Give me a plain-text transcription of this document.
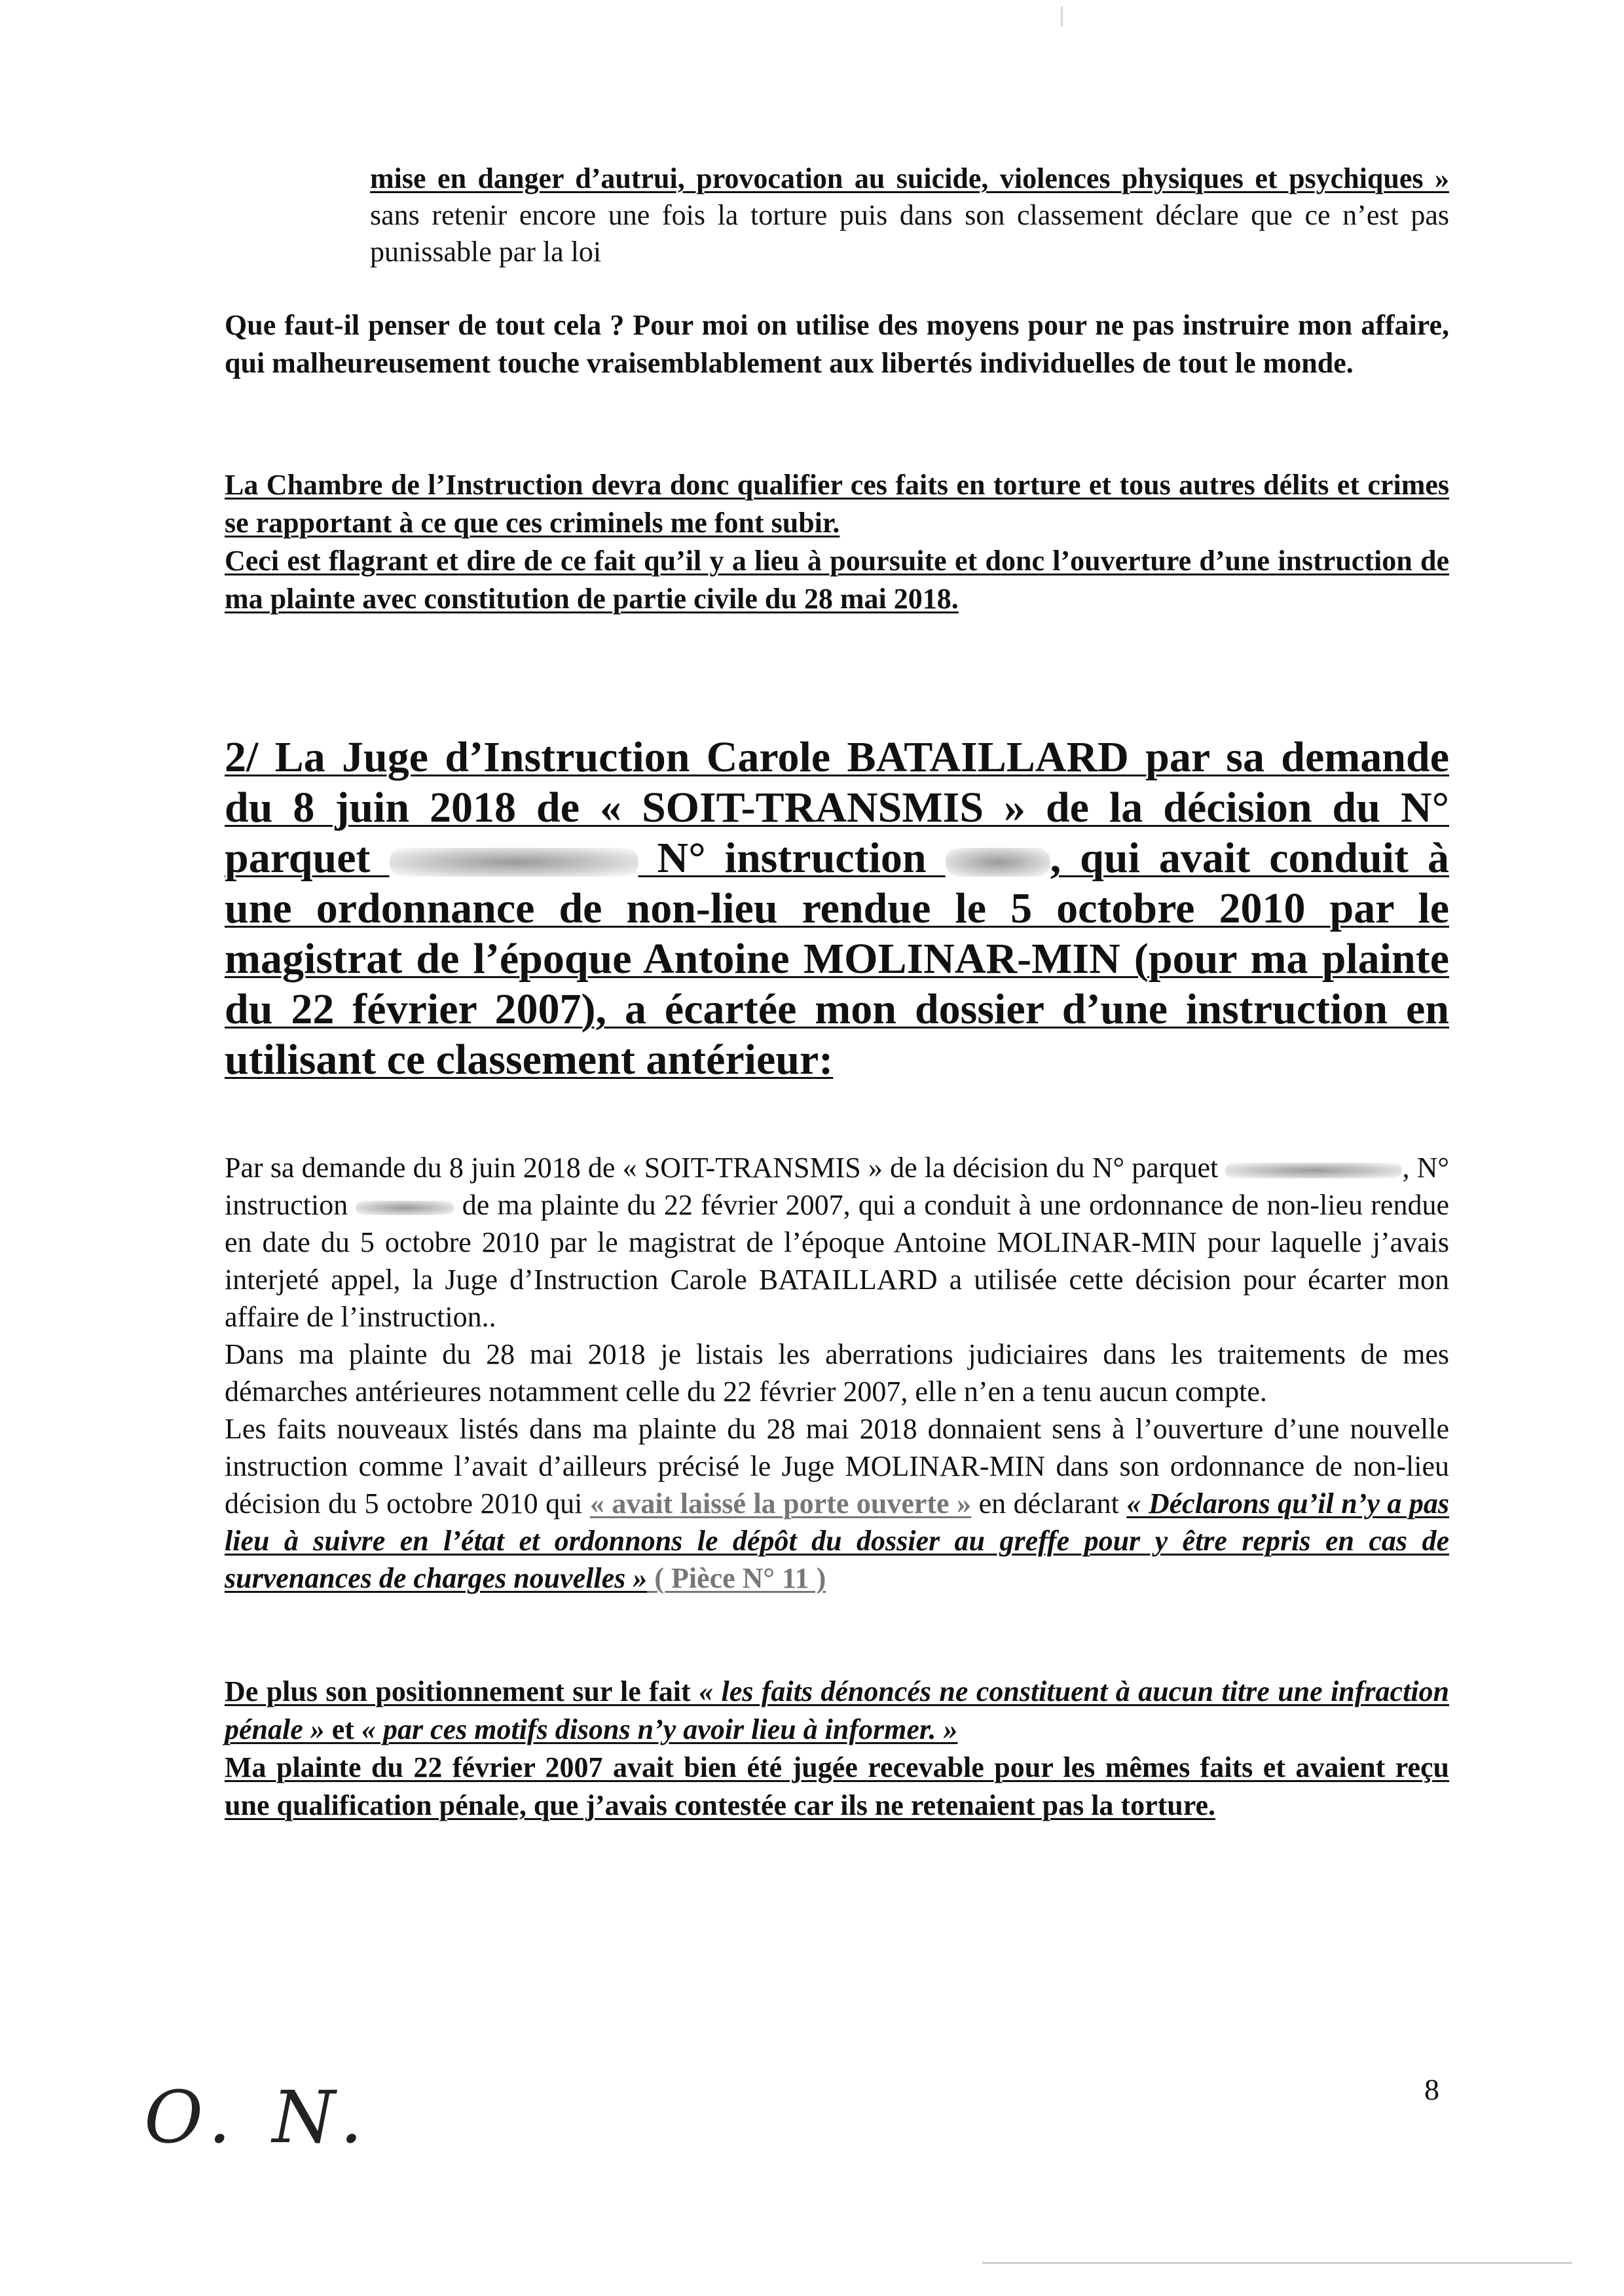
mise en danger d’autrui, provocation au suicide, violences physiques et psychiques » sans retenir encore une fois la torture puis dans son classement déclare que ce n’est pas punissable par la loi
Que faut-il penser de tout cela ? Pour moi on utilise des moyens pour ne pas instruire mon affaire, qui malheureusement touche vraisemblablement aux libertés individuelles de tout le monde.
La Chambre de l’Instruction devra donc qualifier ces faits en torture et tous autres délits et crimes se rapportant à ce que ces criminels me font subir.
Ceci est flagrant et dire de ce fait qu’il y a lieu à poursuite et donc l’ouverture d’une instruction de ma plainte avec constitution de partie civile du 28 mai 2018.
2/ La Juge d’Instruction Carole BATAILLARD par sa demande du 8 juin 2018 de « SOIT-TRANSMIS » de la décision du N° parquet	N° instruction , qui avait conduit à une ordonnance de non-lieu rendue le 5 octobre 2010 par le magistrat de l’époque Antoine MOLINAR-MIN (pour ma plainte du 22 février 2007), a écartée mon dossier d’une instruction en utilisant ce classement antérieur:
Par sa demande du 8 juin 2018 de « SOIT-TRANSMIS » de la décision du N° parquet	, N° instruction	de ma plainte du 22 février 2007, qui a conduit à une ordonnance de non-lieu rendue en date du 5 octobre 2010 par le magistrat de l’époque Antoine MOLINAR-MIN pour laquelle j’avais interjeté appel, la Juge d’Instruction Carole BATAILLARD a utilisée cette décision pour écarter mon affaire de l’instruction..
Dans ma plainte du 28 mai 2018 je listais les aberrations judiciaires dans les traitements de mes démarches antérieures notamment celle du 22 février 2007, elle n’en a tenu aucun compte.
Les faits nouveaux listés dans ma plainte du 28 mai 2018 donnaient sens à l’ouverture d’une nouvelle instruction comme l’avait d’ailleurs précisé le Juge MOLINAR-MIN dans son ordonnance de non-lieu décision du 5 octobre 2010 qui « avait laissé la porte ouverte » en déclarant « Déclarons qu’il n’y a pas lieu à suivre en l’état et ordonnons le dépôt du dossier au greffe pour y être repris en cas de survenances de charges nouvelles » ( Pièce N° 11 )
De plus son positionnement sur le fait « les faits dénoncés ne constituent à aucun titre une infraction pénale » et « par ces motifs disons n’y avoir lieu à informer. »
Ma plainte du 22 février 2007 avait bien été jugée recevable pour les mêmes faits et avaient reçu une qualification pénale, que j’avais contestée car ils ne retenaient pas la torture.
O. N.	8
